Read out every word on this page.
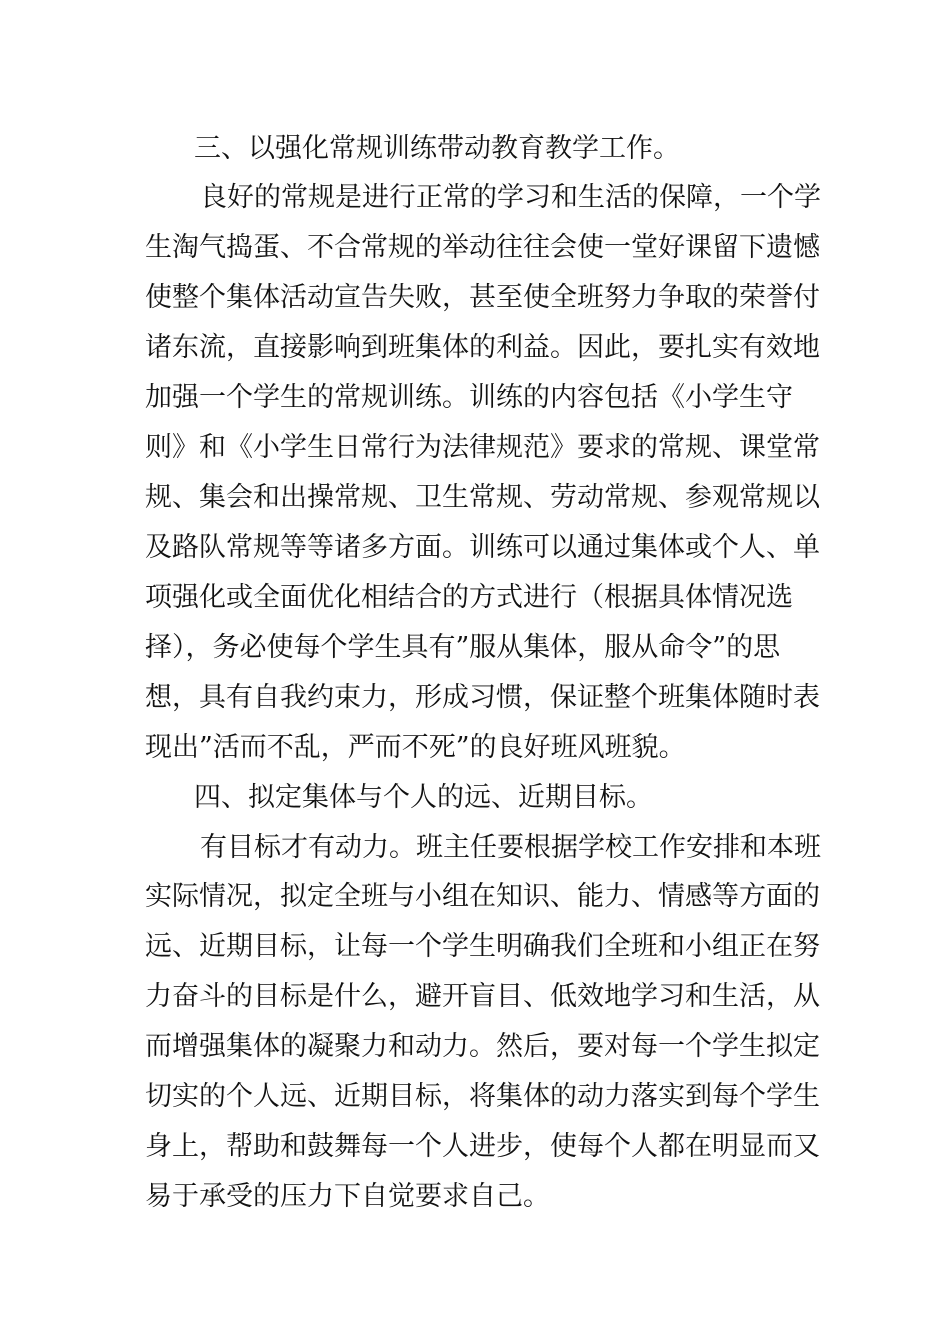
三、以强化常规训练带动教育教学工作。
良好的常规是进行正常的学习和生活的保障，一个学
生淘气捣蛋、不合常规的举动往往会使一堂好课留下遗憾
使整个集体活动宣告失败，甚至使全班努力争取的荣誉付
诸东流，直接影响到班集体的利益。因此，要扎实有效地
加强一个学生的常规训练。训练的内容包括《小学生守
则》和《小学生日常行为法律规范》要求的常规、课堂常
规、集会和出操常规、卫生常规、劳动常规、参观常规以
及路队常规等等诸多方面。训练可以通过集体或个人、单
项强化或全面优化相结合的方式进行（根据具体情况选
择），务必使每个学生具有”服从集体，服从命令”的思
想，具有自我约束力，形成习惯，保证整个班集体随时表
现出”活而不乱，严而不死”的良好班风班貌。
四、拟定集体与个人的远、近期目标。
有目标才有动力。班主任要根据学校工作安排和本班
实际情况，拟定全班与小组在知识、能力、情感等方面的
远、近期目标，让每一个学生明确我们全班和小组正在努
力奋斗的目标是什么，避开盲目、低效地学习和生活，从
而增强集体的凝聚力和动力。然后，要对每一个学生拟定
切实的个人远、近期目标，将集体的动力落实到每个学生
身上，帮助和鼓舞每一个人进步，使每个人都在明显而又
易于承受的压力下自觉要求自己。
